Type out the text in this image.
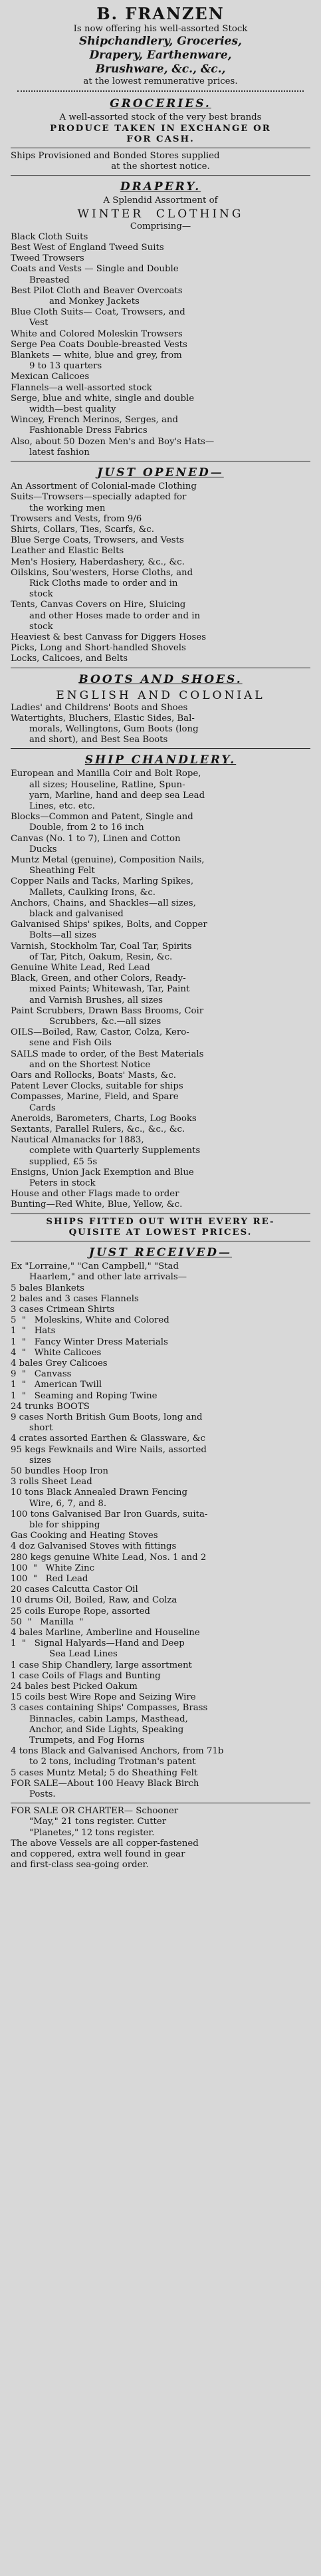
B. FRANZEN
Is now offering his well-assorted Stock
Shipchandlery, Groceries,
Drapery, Earthenware,
Brushware, &c., &c.,
at the lowest remunerative prices.
GROCERIES.
A well-assorted stock of the very best brands
PRODUCE TAKEN IN EXCHANGE OR
FOR CASH.
Ships Provisioned and Bonded Stores supplied
at the shortest notice.
DRAPERY.
A Splendid Assortment of
WINTER  CLOTHING
Comprising—
Black Cloth Suits
Best West of England Tweed Suits
Tweed Trowsers
Coats and Vests — Single and Double
Breasted
Best Pilot Cloth and Beaver Overcoats
and Monkey Jackets
Blue Cloth Suits— Coat, Trowsers, and
Vest
White and Colored Moleskin Trowsers
Serge Pea Coats Double-breasted Vests
Blankets — white, blue and grey, from
9 to 13 quarters
Mexican Calicoes
Flannels—a well-assorted stock
Serge, blue and white, single and double
width—best quality
Wincey, French Merinos, Serges, and
Fashionable Dress Fabrics
Also, about 50 Dozen Men's and Boy's Hats—
latest fashion
JUST OPENED—
An Assortment of Colonial-made Clothing
Suits—Trowsers—specially adapted for
the working men
Trowsers and Vests, from 9/6
Shirts, Collars, Ties, Scarfs, &c.
Blue Serge Coats, Trowsers, and Vests
Leather and Elastic Belts
Men's Hosiery, Haberdashery, &c., &c.
Oilskins, Sou'westers, Horse Cloths, and
Rick Cloths made to order and in
stock
Tents, Canvas Covers on Hire, Sluicing
and other Hoses made to order and in
stock
Heaviest & best Canvass for Diggers Hoses
Picks, Long and Short-handled Shovels
Locks, Calicoes, and Belts
BOOTS AND SHOES.
ENGLISH AND COLONIAL
Ladies' and Childrens' Boots and Shoes
Watertights, Bluchers, Elastic Sides, Bal-
morals, Wellingtons, Gum Boots (long
and short), and Best Sea Boots
SHIP CHANDLERY.
European and Manilla Coir and Bolt Rope,
all sizes; Houseline, Ratline, Spun-
yarn, Marline, hand and deep sea Lead
Lines, etc. etc.
Blocks—Common and Patent, Single and
Double, from 2 to 16 inch
Canvas (No. 1 to 7), Linen and Cotton
Ducks
Muntz Metal (genuine), Composition Nails,
Sheathing Felt
Copper Nails and Tacks, Marling Spikes,
Mallets, Caulking Irons, &c.
Anchors, Chains, and Shackles—all sizes,
black and galvanised
Galvanised Ships' spikes, Bolts, and Copper
Bolts—all sizes
Varnish, Stockholm Tar, Coal Tar, Spirits
of Tar, Pitch, Oakum, Resin, &c.
Genuine White Lead, Red Lead
Black, Green, and other Colors, Ready-
mixed Paints; Whitewash, Tar, Paint
and Varnish Brushes, all sizes
Paint Scrubbers, Drawn Bass Brooms, Coir
Scrubbers, &c.—all sizes
OILS—Boiled, Raw, Castor, Colza, Kero-
sene and Fish Oils
SAILS made to order, of the Best Materials
and on the Shortest Notice
Oars and Rollocks, Boats' Masts, &c.
Patent Lever Clocks, suitable for ships
Compasses, Marine, Field, and Spare
Cards
Aneroids, Barometers, Charts, Log Books
Sextants, Parallel Rulers, &c., &c., &c.
Nautical Almanacks for 1883,
complete with Quarterly Supplements
supplied, £5 5s
Ensigns, Union Jack Exemption and Blue
Peters in stock
House and other Flags made to order
Bunting—Red White, Blue, Yellow, &c.
SHIPS FITTED OUT WITH EVERY RE-
QUISITE AT LOWEST PRICES.
JUST RECEIVED—
Ex "Lorraine," "Can Campbell," "Stad
Haarlem," and other late arrivals—
5 bales Blankets
2 bales and 3 cases Flannels
3 cases Crimean Shirts
5  "   Moleskins, White and Colored
1  "   Hats
1  "   Fancy Winter Dress Materials
4  "   White Calicoes
4 bales Grey Calicoes
9  "   Canvass
1  "   American Twill
1  "   Seaming and Roping Twine
24 trunks BOOTS
9 cases North British Gum Boots, long and
short
4 crates assorted Earthen & Glassware, &c
95 kegs Fewknails and Wire Nails, assorted
sizes
50 bundles Hoop Iron
3 rolls Sheet Lead
10 tons Black Annealed Drawn Fencing
Wire, 6, 7, and 8.
100 tons Galvanised Bar Iron Guards, suita-
ble for shipping
Gas Cooking and Heating Stoves
4 doz Galvanised Stoves with fittings
280 kegs genuine White Lead, Nos. 1 and 2
100  "   White Zinc
100  "   Red Lead
20 cases Calcutta Castor Oil
10 drums Oil, Boiled, Raw, and Colza
25 coils Europe Rope, assorted
50  "   Manilla  "
4 bales Marline, Amberline and Houseline
1  "   Signal Halyards—Hand and Deep
Sea Lead Lines
1 case Ship Chandlery, large assortment
1 case Coils of Flags and Bunting
24 bales best Picked Oakum
15 coils best Wire Rope and Seizing Wire
3 cases containing Ships' Compasses, Brass
Binnacles, cabin Lamps, Masthead,
Anchor, and Side Lights, Speaking
Trumpets, and Fog Horns
4 tons Black and Galvanised Anchors, from 71b
to 2 tons, including Trotman's patent
5 cases Muntz Metal; 5 do Sheathing Felt
FOR SALE—About 100 Heavy Black Birch
Posts.
FOR SALE OR CHARTER— Schooner
"May," 21 tons register. Cutter
"Planetes," 12 tons register.
The above Vessels are all copper-fastened
and coppered, extra well found in gear
and first-class sea-going order.
